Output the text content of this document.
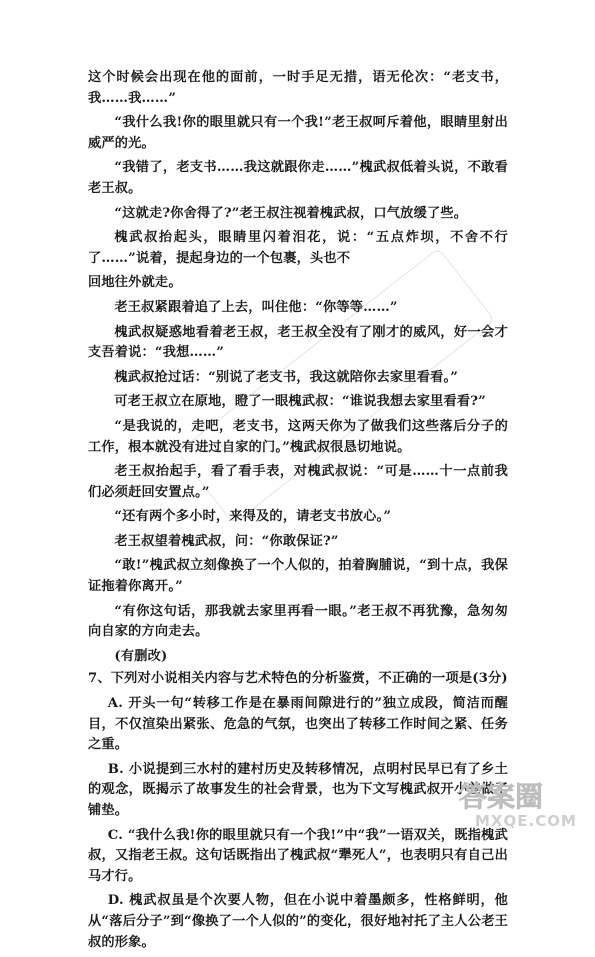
这个时候会出现在他的面前，一时手足无措，语无伦次：“老支书，我……我……”

“我什么我!你的眼里就只有一个我!”老王叔呵斥着他，眼睛里射出威严的光。

“我错了，老支书……我这就跟你走……”槐武叔低着头说，不敢看老王叔。

“这就走?你舍得了?”老王叔注视着槐武叔，口气放缓了些。

槐武叔抬起头，眼睛里闪着泪花，说：“五点炸坝，不舍不行了……”说着，提起身边的一个包裹，头也不

回地往外就走。

老王叔紧跟着追了上去，叫住他：“你等等……”

槐武叔疑惑地看着老王叔，老王叔全没有了刚才的威风，好一会才支吾着说：“我想……”

槐武叔抢过话：“别说了老支书，我这就陪你去家里看看。”

可老王叔立在原地，瞪了一眼槐武叔：“谁说我想去家里看看?”

“是我说的，走吧，老支书，这两天你为了做我们这些落后分子的工作，根本就没有进过自家的门。”槐武叔很恳切地说。

老王叔抬起手，看了看手表，对槐武叔说：“可是……十一点前我们必须赶回安置点。”

“还有两个多小时，来得及的，请老支书放心。”

老王叔望着槐武叔，问：“你敢保证?”

“敢!”槐武叔立刻像换了一个人似的，拍着胸脯说，“到十点，我保证拖着你离开。”

“有你这句话，那我就去家里再看一眼。”老王叔不再犹豫，急匆匆向自家的方向走去。

(有删改)

7、下列对小说相关内容与艺术特色的分析鉴赏，不正确的一项是(3分)

A. 开头一句“转移工作是在暴雨间隙进行的”独立成段，简洁而醒目，不仅渲染出紧张、危急的气氛，也突出了转移工作时间之紧、任务之重。

B. 小说提到三水村的建村历史及转移情况，点明村民早已有了乡土的观念，既揭示了故事发生的社会背景，也为下文写槐武叔开小差做了铺垫。

C. “我什么我!你的眼里就只有一个我!”中“我”一语双关，既指槐武叔，又指老王叔。这句话既指出了槐武叔“犟死人”，也表明只有自己出马才行。

D. 槐武叔虽是个次要人物，但在小说中着墨颇多，性格鲜明，他从“落后分子”到“像换了一个人似的”的变化，很好地衬托了主人公老王叔的形象。

答案圈
MXQE.COM
